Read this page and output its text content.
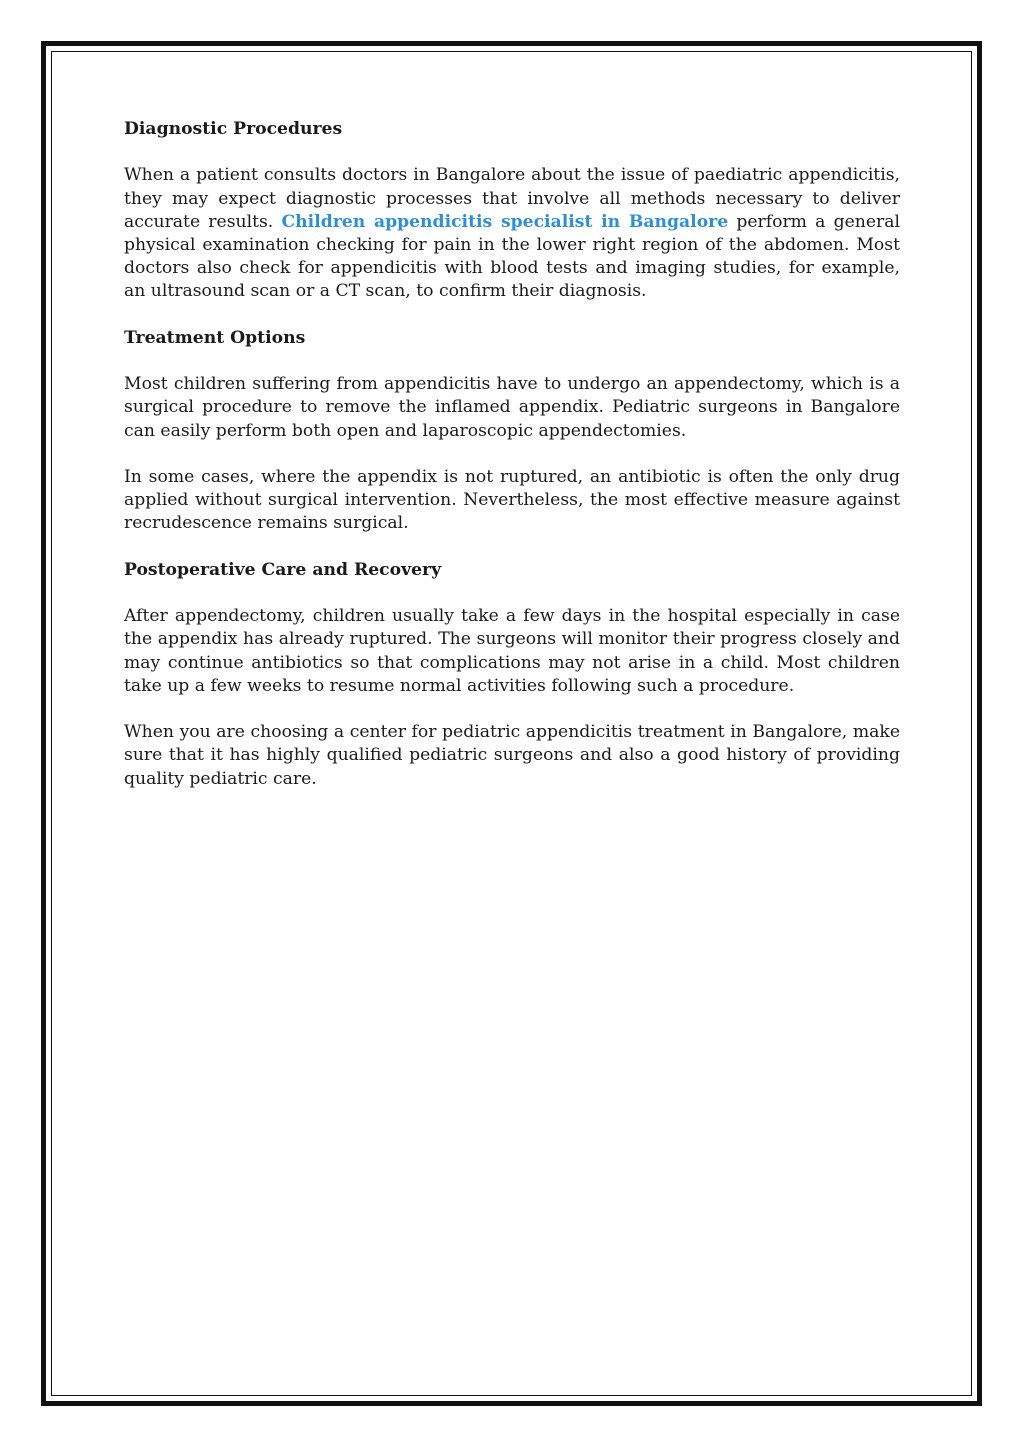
Diagnostic Procedures

When a patient consults doctors in Bangalore about the issue of paediatric appendicitis, they may expect diagnostic processes that involve all methods necessary to deliver accurate results. Children appendicitis specialist in Bangalore perform a general physical examination checking for pain in the lower right region of the abdomen. Most doctors also check for appendicitis with blood tests and imaging studies, for example, an ultrasound scan or a CT scan, to confirm their diagnosis.

Treatment Options

Most children suffering from appendicitis have to undergo an appendectomy, which is a surgical procedure to remove the inflamed appendix. Pediatric surgeons in Bangalore can easily perform both open and laparoscopic appendectomies.

In some cases, where the appendix is not ruptured, an antibiotic is often the only drug applied without surgical intervention. Nevertheless, the most effective measure against recrudescence remains surgical.

Postoperative Care and Recovery

After appendectomy, children usually take a few days in the hospital especially in case the appendix has already ruptured. The surgeons will monitor their progress closely and may continue antibiotics so that complications may not arise in a child. Most children take up a few weeks to resume normal activities following such a procedure.

When you are choosing a center for pediatric appendicitis treatment in Bangalore, make sure that it has highly qualified pediatric surgeons and also a good history of providing quality pediatric care.
